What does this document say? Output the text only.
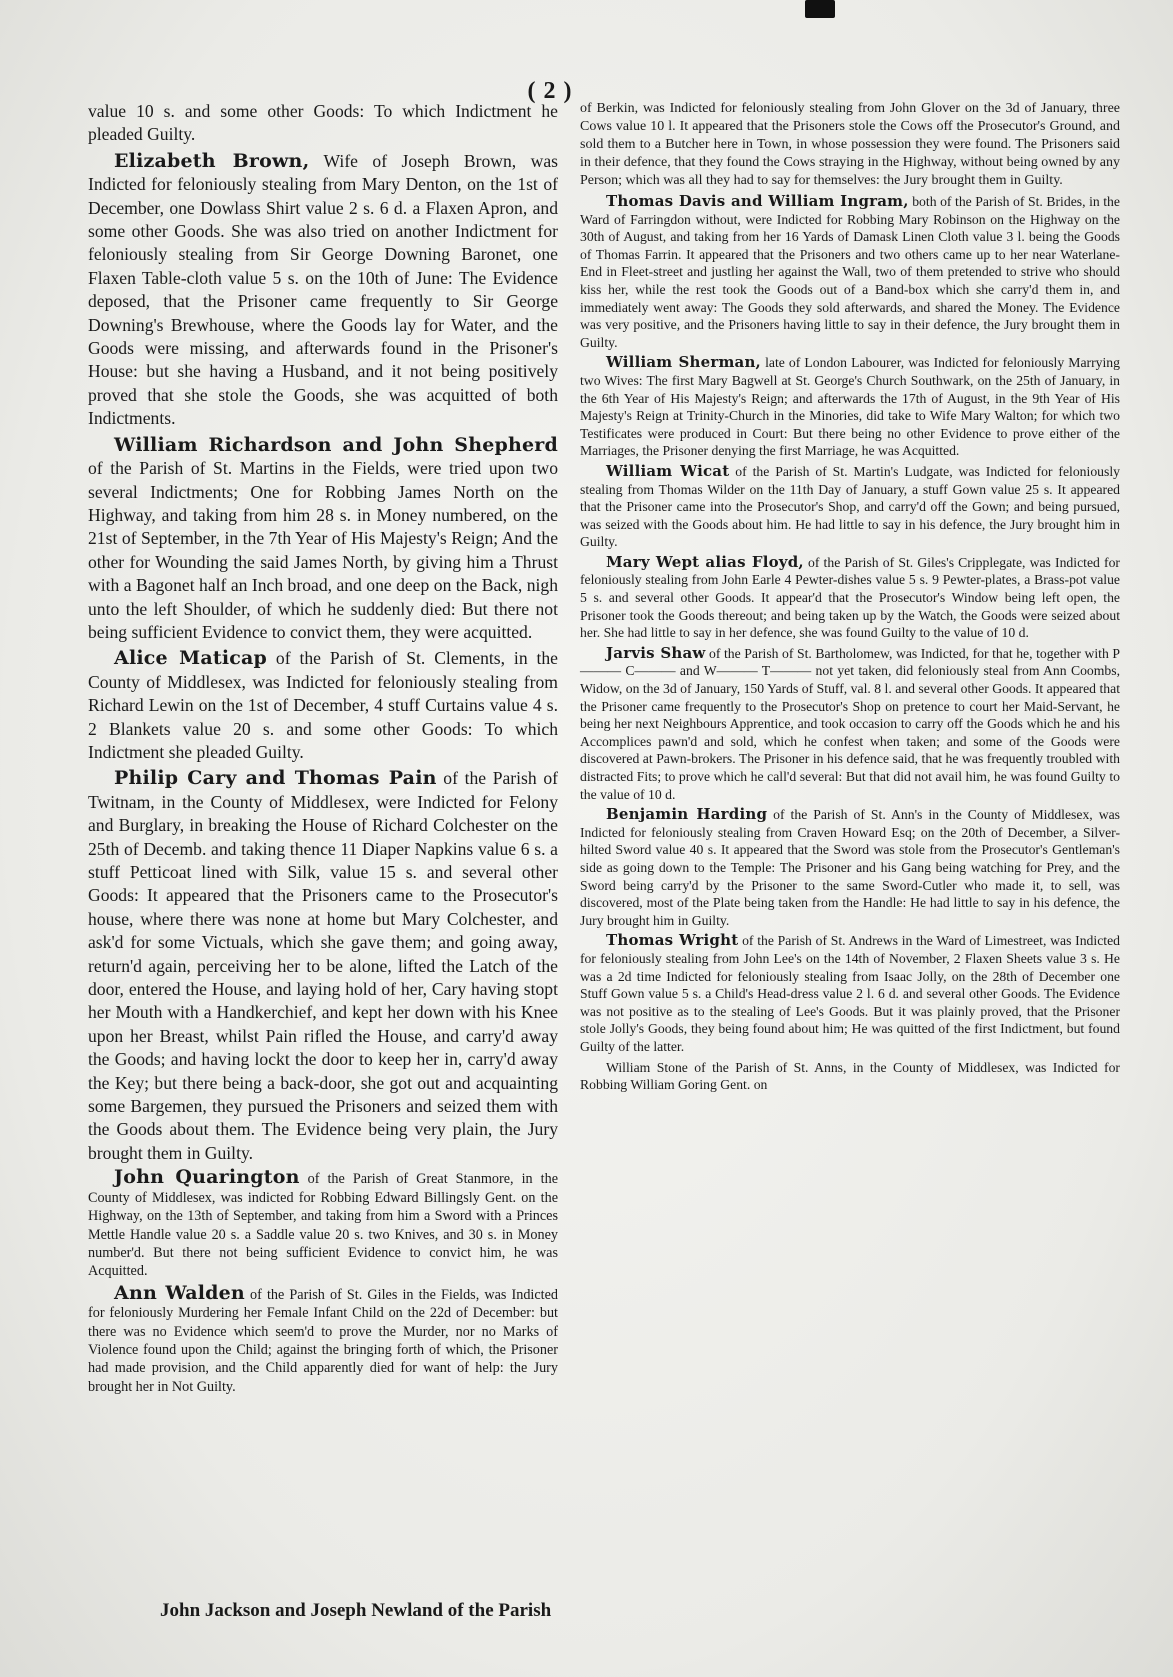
( 2 )

value 10 s. and some other Goods: To which Indictment he pleaded Guilty.

Elizabeth Brown, Wife of Joseph Brown, was Indicted for feloniously stealing from Mary Denton, on the 1st of December, one Dowlass Shirt value 2 s. 6 d. a Flaxen Apron, and some other Goods. She was also tried on another Indictment for feloniously stealing from Sir George Downing Baronet, one Flaxen Table-cloth value 5 s. on the 10th of June: The Evidence deposed, that the Prisoner came frequently to Sir George Downing's Brewhouse, where the Goods lay for Water, and the Goods were missing, and afterwards found in the Prisoner's House: but she having a Husband, and it not being positively proved that she stole the Goods, she was acquitted of both Indictments.

William Richardson and John Shepherd of the Parish of St. Martins in the Fields, were tried upon two several Indictments; One for Robbing James North on the Highway, and taking from him 28 s. in Money numbered, on the 21st of September, in the 7th Year of His Majesty's Reign; And the other for Wounding the said James North, by giving him a Thrust with a Bagonet half an Inch broad, and one deep on the Back, nigh unto the left Shoulder, of which he suddenly died: But there not being sufficient Evidence to convict them, they were acquitted.

Alice Maticap of the Parish of St. Clements, in the County of Middlesex, was Indicted for feloniously stealing from Richard Lewin on the 1st of December, 4 stuff Curtains value 4 s. 2 Blankets value 20 s. and some other Goods: To which Indictment she pleaded Guilty.

Philip Cary and Thomas Pain of the Parish of Twitnam, in the County of Middlesex, were Indicted for Felony and Burglary, in breaking the House of Richard Colchester on the 25th of Decemb. and taking thence 11 Diaper Napkins value 6 s. a stuff Petticoat lined with Silk, value 15 s. and several other Goods: It appeared that the Prisoners came to the Prosecutor's house, where there was none at home but Mary Colchester, and ask'd for some Victuals, which she gave them; and going away, return'd again, perceiving her to be alone, lifted the Latch of the door, entered the House, and laying hold of her, Cary having stopt her Mouth with a Handkerchief, and kept her down with his Knee upon her Breast, whilst Pain rifled the House, and carry'd away the Goods; and having lockt the door to keep her in, carry'd away the Key; but there being a back-door, she got out and acquainting some Bargemen, they pursued the Prisoners and seized them with the Goods about them. The Evidence being very plain, the Jury brought them in Guilty.

John Quarington of the Parish of Great Stanmore, in the County of Middlesex, was indicted for Robbing Edward Billingsly Gent. on the Highway, on the 13th of September, and taking from him a Sword with a Princes Mettle Handle value 20 s. a Saddle value 20 s. two Knives, and 30 s. in Money number'd. But there not being sufficient Evidence to convict him, he was Acquitted.

Ann Walden of the Parish of St. Giles in the Fields, was Indicted for feloniously Murdering her Female Infant Child on the 22d of December: but there was no Evidence which seem'd to prove the Murder, nor no Marks of Violence found upon the Child; against the bringing forth of which, the Prisoner had made provision, and the Child apparently died for want of help: the Jury brought her in Not Guilty.

of Berkin, was Indicted for feloniously stealing from John Glover on the 3d of January, three Cows value 10 l. It appeared that the Prisoners stole the Cows off the Prosecutor's Ground, and sold them to a Butcher here in Town, in whose possession they were found. The Prisoners said in their defence, that they found the Cows straying in the Highway, without being owned by any Person; which was all they had to say for themselves: the Jury brought them in Guilty.

Thomas Davis and William Ingram, both of the Parish of St. Brides, in the Ward of Farringdon without, were Indicted for Robbing Mary Robinson on the Highway on the 30th of August, and taking from her 16 Yards of Damask Linen Cloth value 3 l. being the Goods of Thomas Farrin. It appeared that the Prisoners and two others came up to her near Waterlane-End in Fleet-street and justling her against the Wall, two of them pretended to strive who should kiss her, while the rest took the Goods out of a Band-box which she carry'd them in, and immediately went away: The Goods they sold afterwards, and shared the Money. The Evidence was very positive, and the Prisoners having little to say in their defence, the Jury brought them in Guilty.

William Sherman, late of London Labourer, was Indicted for feloniously Marrying two Wives: The first Mary Bagwell at St. George's Church Southwark, on the 25th of January, in the 6th Year of His Majesty's Reign; and afterwards the 17th of August, in the 9th Year of His Majesty's Reign at Trinity-Church in the Minories, did take to Wife Mary Walton; for which two Testificates were produced in Court: But there being no other Evidence to prove either of the Marriages, the Prisoner denying the first Marriage, he was Acquitted.

William Wicat of the Parish of St. Martin's Ludgate, was Indicted for feloniously stealing from Thomas Wilder on the 11th Day of January, a stuff Gown value 25 s. It appeared that the Prisoner came into the Prosecutor's Shop, and carry'd off the Gown; and being pursued, was seized with the Goods about him. He had little to say in his defence, the Jury brought him in Guilty.

Mary Wept alias Floyd, of the Parish of St. Giles's Cripplegate, was Indicted for feloniously stealing from John Earle 4 Pewter-dishes value 5 s. 9 Pewter-plates, a Brass-pot value 5 s. and several other Goods. It appear'd that the Prosecutor's Window being left open, the Prisoner took the Goods thereout; and being taken up by the Watch, the Goods were seized about her. She had little to say in her defence, she was found Guilty to the value of 10 d.

Jarvis Shaw of the Parish of St. Bartholomew, was Indicted, for that he, together with P——— C——— and W——— T——— not yet taken, did feloniously steal from Ann Coombs, Widow, on the 3d of January, 150 Yards of Stuff, val. 8 l. and several other Goods. It appeared that the Prisoner came frequently to the Prosecutor's Shop on pretence to court her Maid-Servant, he being her next Neighbours Apprentice, and took occasion to carry off the Goods which he and his Accomplices pawn'd and sold, which he confest when taken; and some of the Goods were discovered at Pawn-brokers. The Prisoner in his defence said, that he was frequently troubled with distracted Fits; to prove which he call'd several: But that did not avail him, he was found Guilty to the value of 10 d.

Benjamin Harding of the Parish of St. Ann's in the County of Middlesex, was Indicted for feloniously stealing from Craven Howard Esq; on the 20th of December, a Silver-hilted Sword value 40 s. It appeared that the Sword was stole from the Prosecutor's Gentleman's side as going down to the Temple: The Prisoner and his Gang being watching for Prey, and the Sword being carry'd by the Prisoner to the same Sword-Cutler who made it, to sell, was discovered, most of the Plate being taken from the Handle: He had little to say in his defence, the Jury brought him in Guilty.

Thomas Wright of the Parish of St. Andrews in the Ward of Limestreet, was Indicted for feloniously stealing from John Lee's on the 14th of November, 2 Flaxen Sheets value 3 s. He was a 2d time Indicted for feloniously stealing from Isaac Jolly, on the 28th of December one Stuff Gown value 5 s. a Child's Head-dress value 2 l. 6 d. and several other Goods. The Evidence was not positive as to the stealing of Lee's Goods. But it was plainly proved, that the Prisoner stole Jolly's Goods, they being found about him; He was quitted of the first Indictment, but found Guilty of the latter.

William Stone of the Parish of St. Anns, in the County of Middlesex, was Indicted for Robbing William Goring Gent. on

John Jackson and Joseph Newland of the Parish
